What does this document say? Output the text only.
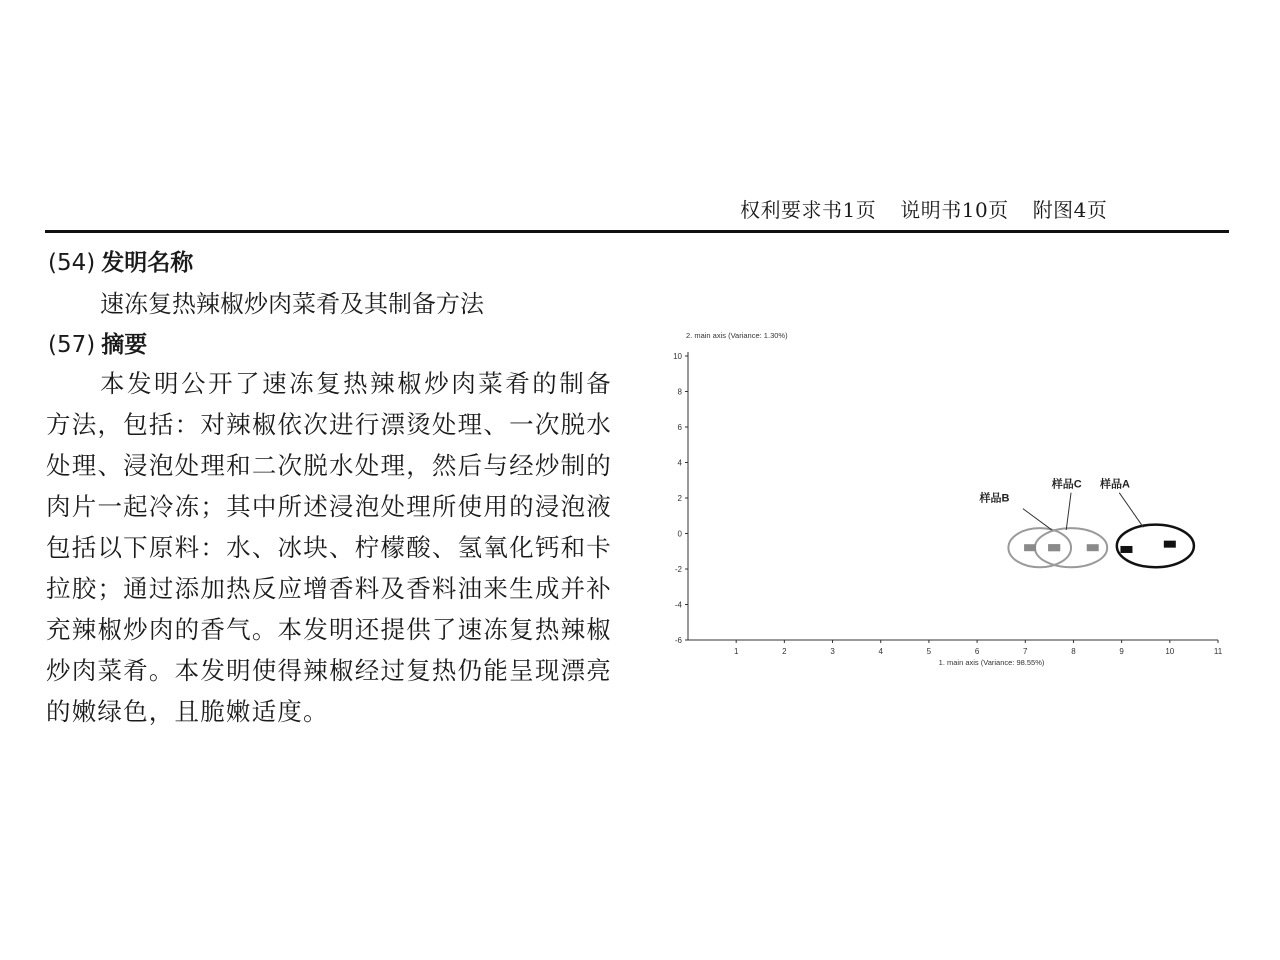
权利要求书1页 说明书10页 附图4页
(54) 发明名称
速冻复热辣椒炒肉菜肴及其制备方法
(57) 摘要

本发明公开了速冻复热辣椒炒肉菜肴的制备方法，包括：对辣椒依次进行漂烫处理、一次脱水处理、浸泡处理和二次脱水处理，然后与经炒制的肉片一起冷冻；其中所述浸泡处理所使用的浸泡液包括以下原料：水、冰块、柠檬酸、氢氧化钙和卡拉胶；通过添加热反应增香料及香料油来生成并补充辣椒炒肉的香气。本发明还提供了速冻复热辣椒炒肉菜肴。本发明使得辣椒经过复热仍能呈现漂亮的嫩绿色，且脆嫩适度。

10
8
6
4
2
0
-2
-4
-6
1	2	3	4	5	6	7	8	9	10	11
2. main axis (Variance: 1.30%)
1. main axis (Variance: 98.55%)
样品B
样品C 样品A
